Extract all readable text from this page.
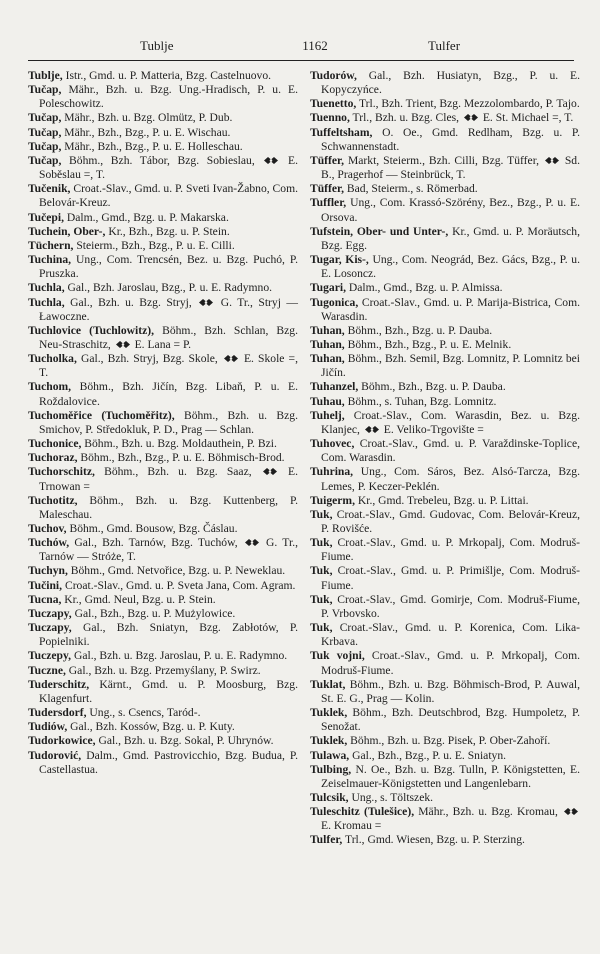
Tublje	1162	Tulfer

Tublje, Istr., Gmd. u. P. Matteria, Bzg. Castelnuovo.

Tučap, Mähr., Bzh. u. Bzg. Ung.-Hradisch, P. u. E. Poleschowitz.

Tučap, Mähr., Bzh. u. Bzg. Olmütz, P. Dub.

Tučap, Mähr., Bzh., Bzg., P. u. E. Wischau.

Tučap, Mähr., Bzh., Bzg., P. u. E. Holleschau.

Tučap, Böhm., Bzh. Tábor, Bzg. Sobieslau,
E. Soběslau =, T.

Tučenik, Croat.-Slav., Gmd. u. P. Sveti Ivan-Žabno, Com. Belovár-Kreuz.

Tučepi, Dalm., Gmd., Bzg. u. P. Makarska.

Tuchein, Ober-, Kr., Bzh., Bzg. u. P. Stein.

Tüchern, Steierm., Bzh., Bzg., P. u. E. Cilli.

Tuchina, Ung., Com. Trencsén, Bez. u. Bzg. Puchó, P. Pruszka.

Tuchla, Gal., Bzh. Jaroslau, Bzg., P. u. E. Radymno.

Tuchla, Gal., Bzh. u. Bzg. Stryj,
G. Tr., Stryj — Ławoczne.

Tuchlovice (Tuchlowitz), Böhm., Bzh. Schlan, Bzg. Neu-Straschitz,
E. Lana = P.

Tucholka, Gal., Bzh. Stryj, Bzg. Skole,
E. Skole =, T.

Tuchom, Böhm., Bzh. Jičín, Bzg. Libaň, P. u. E. Roždalovice.

Tuchoměřice (Tuchoměřitz), Böhm., Bzh. u. Bzg. Smichov, P. Středokluk, P. D., Prag — Schlan.

Tuchonice, Böhm., Bzh. u. Bzg. Moldauthein, P. Bzi.

Tuchoraz, Böhm., Bzh., Bzg., P. u. E. Böhmisch-Brod.

Tuchorschitz, Böhm., Bzh. u. Bzg. Saaz,
E. Trnowan =

Tuchotitz, Böhm., Bzh. u. Bzg. Kuttenberg, P. Maleschau.

Tuchov, Böhm., Gmd. Bousow, Bzg. Čáslau.

Tuchów, Gal., Bzh. Tarnów, Bzg. Tuchów,
G. Tr., Tarnów — Stróże, T.

Tuchyn, Böhm., Gmd. Netvořice, Bzg. u. P. Neweklau.

Tučini, Croat.-Slav., Gmd. u. P. Sveta Jana, Com. Agram.

Tucna, Kr., Gmd. Neul, Bzg. u. P. Stein.

Tuczapy, Gal., Bzh., Bzg. u. P. Mużylowice.

Tuczapy, Gal., Bzh. Sniatyn, Bzg. Zabłotów, P. Popielniki.

Tuczepy, Gal., Bzh. u. Bzg. Jaroslau, P. u. E. Radymno.

Tuczne, Gal., Bzh. u. Bzg. Przemyślany, P. Swirz.

Tuderschitz, Kärnt., Gmd. u. P. Moosburg, Bzg. Klagenfurt.

Tudersdorf, Ung., s. Csencs, Taród-.

Tudiów, Gal., Bzh. Kossów, Bzg. u. P. Kuty.

Tudorkowice, Gal., Bzh. u. Bzg. Sokal, P. Uhrynów.

Tudorović, Dalm., Gmd. Pastrovicchio, Bzg. Budua, P. Castellastua.

Tudorów, Gal., Bzh. Husiatyn, Bzg., P. u. E. Kopyczyńce.

Tuenetto, Trl., Bzh. Trient, Bzg. Mezzolombardo, P. Tajo.

Tuenno, Trl., Bzh. u. Bzg. Cles,
E. St. Michael =, T.

Tuffeltsham, O. Oe., Gmd. Redlham, Bzg. u. P. Schwannenstadt.

Tüffer, Markt, Steierm., Bzh. Cilli, Bzg. Tüffer,
Sd. B., Pragerhof — Steinbrück, T.

Tüffer, Bad, Steierm., s. Römerbad.

Tuffler, Ung., Com. Krassó-Szörény, Bez., Bzg., P. u. E. Orsova.

Tufstein, Ober- und Unter-, Kr., Gmd. u. P. Moräutsch, Bzg. Egg.

Tugar, Kis-, Ung., Com. Neográd, Bez. Gács, Bzg., P. u. E. Losoncz.

Tugari, Dalm., Gmd., Bzg. u. P. Almissa.

Tugonica, Croat.-Slav., Gmd. u. P. Marija-Bistrica, Com. Warasdin.

Tuhan, Böhm., Bzh., Bzg. u. P. Dauba.

Tuhan, Böhm., Bzh., Bzg., P. u. E. Melnik.

Tuhan, Böhm., Bzh. Semil, Bzg. Lomnitz, P. Lomnitz bei Jičín.

Tuhanzel, Böhm., Bzh., Bzg. u. P. Dauba.

Tuhau, Böhm., s. Tuhan, Bzg. Lomnitz.

Tuhelj, Croat.-Slav., Com. Warasdin, Bez. u. Bzg. Klanjec,
E. Veliko-Trgovište =

Tuhovec, Croat.-Slav., Gmd. u. P. Varaždinske-Toplice, Com. Warasdin.

Tuhrina, Ung., Com. Sáros, Bez. Alsó-Tarcza, Bzg. Lemes, P. Keczer-Peklén.

Tuigerm, Kr., Gmd. Trebeleu, Bzg. u. P. Littai.

Tuk, Croat.-Slav., Gmd. Gudovac, Com. Belovár-Kreuz, P. Rovišće.

Tuk, Croat.-Slav., Gmd. u. P. Mrkopalj, Com. Modruš-Fiume.

Tuk, Croat.-Slav., Gmd. u. P. Primišlje, Com. Modruš-Fiume.

Tuk, Croat.-Slav., Gmd. Gomirje, Com. Modruš-Fiume, P. Vrbovsko.

Tuk, Croat.-Slav., Gmd. u. P. Korenica, Com. Lika-Krbava.

Tuk vojni, Croat.-Slav., Gmd. u. P. Mrkopalj, Com. Modruš-Fiume.

Tuklat, Böhm., Bzh. u. Bzg. Böhmisch-Brod, P. Auwal, St. E. G., Prag — Kolin.

Tuklek, Böhm., Bzh. Deutschbrod, Bzg. Humpoletz, P. Senožat.

Tuklek, Böhm., Bzh. u. Bzg. Pisek, P. Ober-Zahoří.

Tulawa, Gal., Bzh., Bzg., P. u. E. Sniatyn.

Tulbing, N. Oe., Bzh. u. Bzg. Tulln, P. Königstetten, E. Zeiselmauer-Königstetten und Langenlebarn.

Tulcsik, Ung., s. Töltszek.

Tuleschitz (Tulešice), Mähr., Bzh. u. Bzg. Kromau,
E. Kromau =

Tulfer, Trl., Gmd. Wiesen, Bzg. u. P. Sterzing.
